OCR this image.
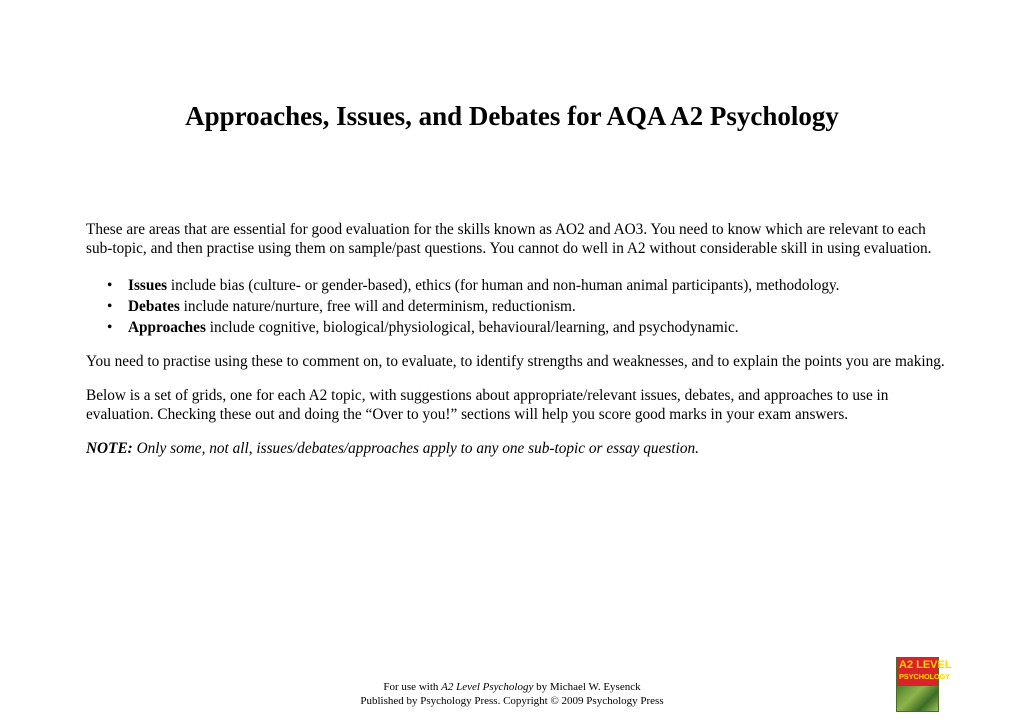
Approaches, Issues, and Debates for AQA A2 Psychology

These are areas that are essential for good evaluation for the skills known as AO2 and AO3. You need to know which are relevant to each sub-topic, and then practise using them on sample/past questions. You cannot do well in A2 without considerable skill in using evaluation.

• Issues include bias (culture- or gender-based), ethics (for human and non-human animal participants), methodology.
• Debates include nature/nurture, free will and determinism, reductionism.
• Approaches include cognitive, biological/physiological, behavioural/learning, and psychodynamic.

You need to practise using these to comment on, to evaluate, to identify strengths and weaknesses, and to explain the points you are making.

Below is a set of grids, one for each A2 topic, with suggestions about appropriate/relevant issues, debates, and approaches to use in evaluation. Checking these out and doing the “Over to you!” sections will help you score good marks in your exam answers.

NOTE: Only some, not all, issues/debates/approaches apply to any one sub-topic or essay question.

For use with A2 Level Psychology by Michael W. Eysenck
Published by Psychology Press. Copyright © 2009 Psychology Press
A2 LEVEL
PSYCHOLOGY
